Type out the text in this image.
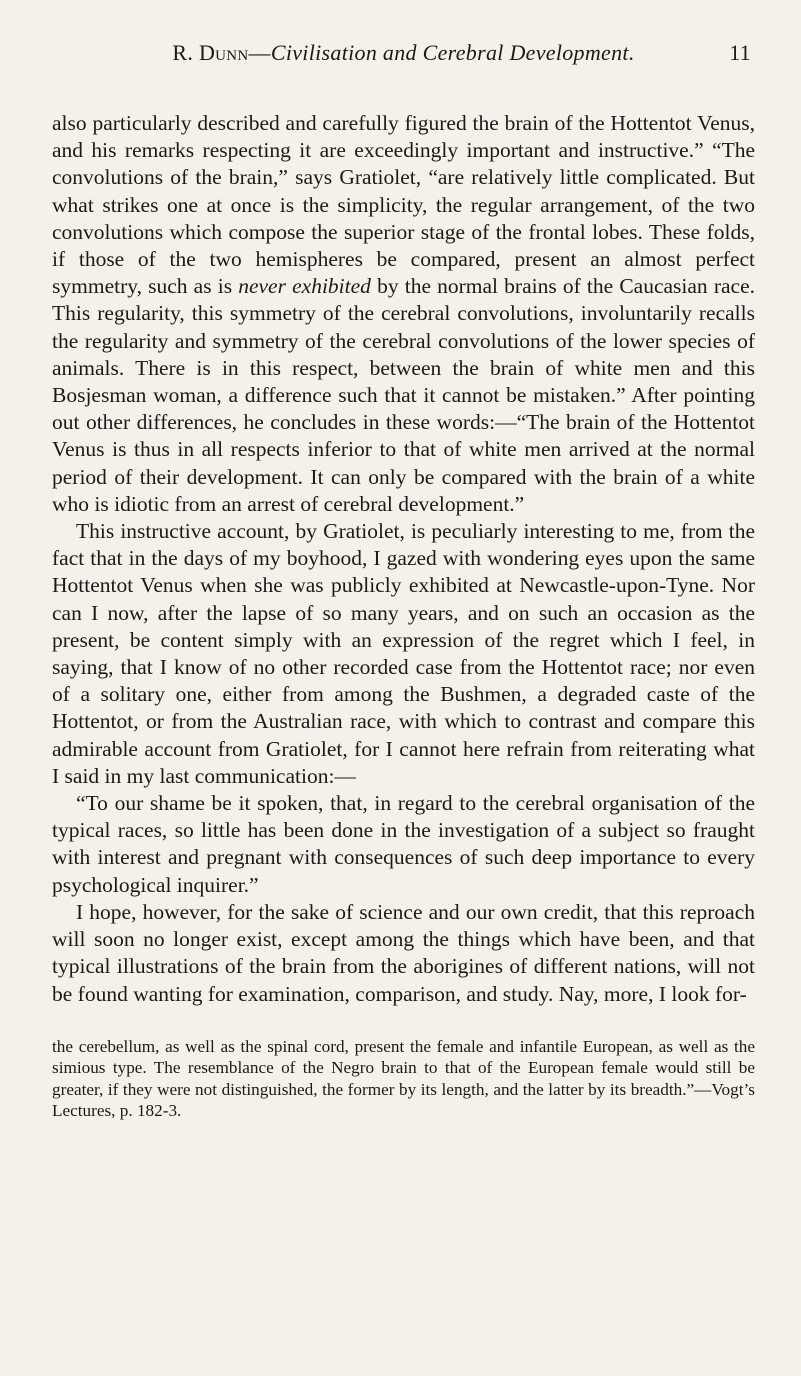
R. Dunn—Civilisation and Cerebral Development.	11

also particularly described and carefully figured the brain of the Hottentot Venus, and his remarks respecting it are exceedingly important and instructive.” “The convolutions of the brain,” says Gratiolet, “are relatively little complicated. But what strikes one at once is the simplicity, the regular arrangement, of the two convolutions which compose the superior stage of the frontal lobes. These folds, if those of the two hemispheres be compared, present an almost perfect symmetry, such as is never exhibited by the normal brains of the Caucasian race. This regularity, this symmetry of the cerebral convolutions, involuntarily recalls the regularity and symmetry of the cerebral convolutions of the lower species of animals. There is in this respect, between the brain of white men and this Bosjesman woman, a difference such that it cannot be mistaken.” After pointing out other differences, he concludes in these words:—“The brain of the Hottentot Venus is thus in all respects inferior to that of white men arrived at the normal period of their development. It can only be compared with the brain of a white who is idiotic from an arrest of cerebral development.”

This instructive account, by Gratiolet, is peculiarly interesting to me, from the fact that in the days of my boyhood, I gazed with wondering eyes upon the same Hottentot Venus when she was publicly exhibited at Newcastle-upon-Tyne. Nor can I now, after the lapse of so many years, and on such an occasion as the present, be content simply with an expression of the regret which I feel, in saying, that I know of no other recorded case from the Hottentot race; nor even of a solitary one, either from among the Bushmen, a degraded caste of the Hottentot, or from the Australian race, with which to contrast and compare this admirable account from Gratiolet, for I cannot here refrain from reiterating what I said in my last communication:—

“To our shame be it spoken, that, in regard to the cerebral organisation of the typical races, so little has been done in the investigation of a subject so fraught with interest and pregnant with consequences of such deep importance to every psychological inquirer.”

I hope, however, for the sake of science and our own credit, that this reproach will soon no longer exist, except among the things which have been, and that typical illustrations of the brain from the aborigines of different nations, will not be found wanting for examination, comparison, and study. Nay, more, I look for-

the cerebellum, as well as the spinal cord, present the female and infantile European, as well as the simious type. The resemblance of the Negro brain to that of the European female would still be greater, if they were not distinguished, the former by its length, and the latter by its breadth.”—Vogt’s Lectures, p. 182-3.
